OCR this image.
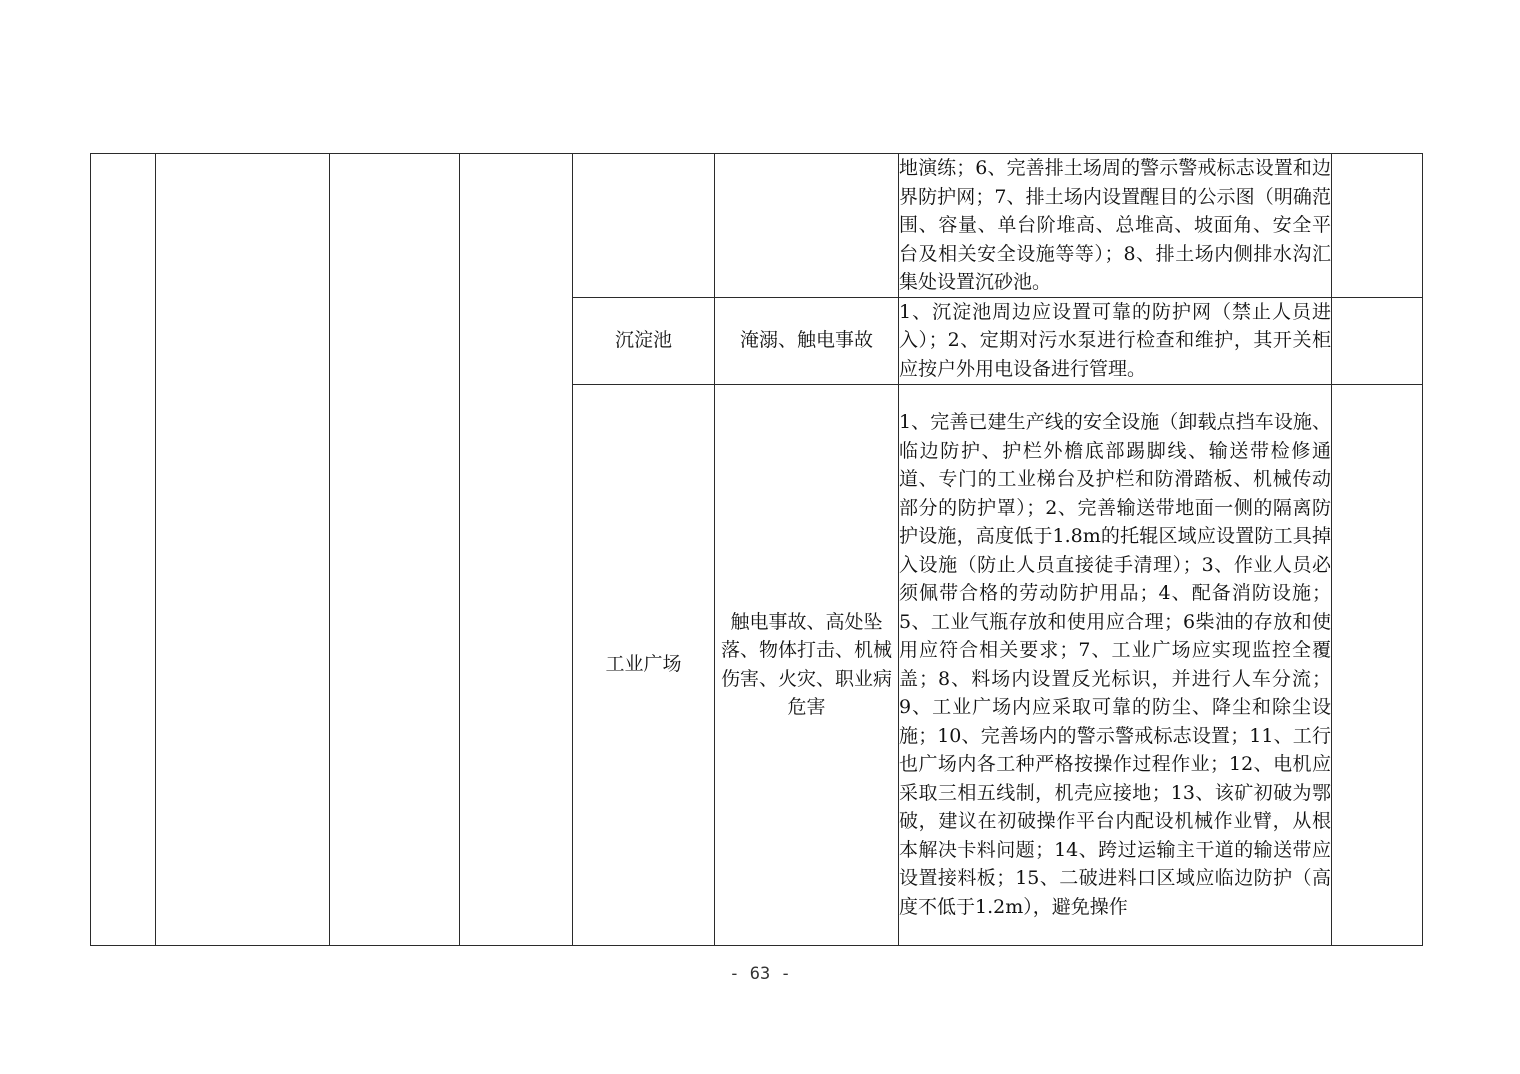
						地演练；6、完善排土场周的警示警戒标志设置和边界防护网；7、排土场内设置醒目的公示图（明确范围、容量、单台阶堆高、总堆高、坡面角、安全平台及相关安全设施等等）；8、排土场内侧排水沟汇集处设置沉砂池。	
				沉淀池	淹溺、触电事故	1、沉淀池周边应设置可靠的防护网（禁止人员进入）；2、定期对污水泵进行检查和维护，其开关柜应按户外用电设备进行管理。	
				工业广场	触电事故、高处坠落、物体打击、机械伤害、火灾、职业病危害	1、完善已建生产线的安全设施（卸载点挡车设施、临边防护、护栏外檐底部踢脚线、输送带检修通道、专门的工业梯台及护栏和防滑踏板、机械传动部分的防护罩）；2、完善输送带地面一侧的隔离防护设施，高度低于1.8m的托辊区域应设置防工具掉入设施（防止人员直接徒手清理）；3、作业人员必须佩带合格的劳动防护用品；4、配备消防设施；5、工业气瓶存放和使用应合理；6柴油的存放和使用应符合相关要求；7、工业广场应实现监控全覆盖；8、料场内设置反光标识，并进行人车分流；9、工业广场内应采取可靠的防尘、降尘和除尘设施；10、完善场内的警示警戒标志设置；11、工行也广场内各工种严格按操作过程作业；12、电机应采取三相五线制，机壳应接地；13、该矿初破为鄂破，建议在初破操作平台内配设机械作业臂，从根本解决卡料问题；14、跨过运输主干道的输送带应设置接料板；15、二破进料口区域应临边防护（高度不低于1.2m），避免操作	
- 63 -
